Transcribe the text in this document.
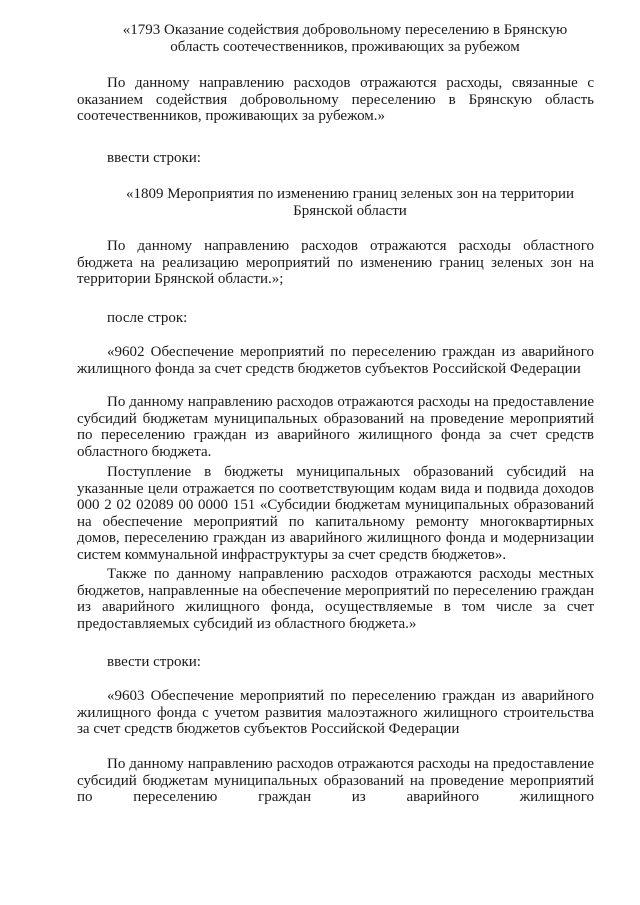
«1793 Оказание содействия добровольному переселению в Брянскую область соотечественников, проживающих за рубежом

По данному направлению расходов отражаются расходы, связанные с оказанием содействия добровольному переселению в Брянскую область соотечественников, проживающих за рубежом.»

ввести строки:

«1809 Мероприятия по изменению границ зеленых зон на территории Брянской области

По данному направлению расходов отражаются расходы областного бюджета на реализацию мероприятий по изменению границ зеленых зон на территории Брянской области.»;

после строк:

«9602 Обеспечение мероприятий по переселению граждан из аварийного жилищного фонда за счет средств бюджетов субъектов Российской Федерации

По данному направлению расходов отражаются расходы на предоставление субсидий бюджетам муниципальных образований на проведение мероприятий по переселению граждан из аварийного жилищного фонда за счет средств областного бюджета.

Поступление в бюджеты муниципальных образований субсидий на указанные цели отражается по соответствующим кодам вида и подвида доходов 000 2 02 02089 00 0000 151 «Субсидии бюджетам муниципальных образований на обеспечение мероприятий по капитальному ремонту многоквартирных домов, переселению граждан из аварийного жилищного фонда и модернизации систем коммунальной инфраструктуры за счет средств бюджетов».

Также по данному направлению расходов отражаются расходы местных бюджетов, направленные на обеспечение мероприятий по переселению граждан из аварийного жилищного фонда, осуществляемые в том числе за счет предоставляемых субсидий из областного бюджета.»

ввести строки:

«9603 Обеспечение мероприятий по переселению граждан из аварийного жилищного фонда с учетом развития малоэтажного жилищного строительства за счет средств бюджетов субъектов Российской Федерации

По данному направлению расходов отражаются расходы на предоставление субсидий бюджетам муниципальных образований на проведение мероприятий по переселению граждан из аварийного жилищного
